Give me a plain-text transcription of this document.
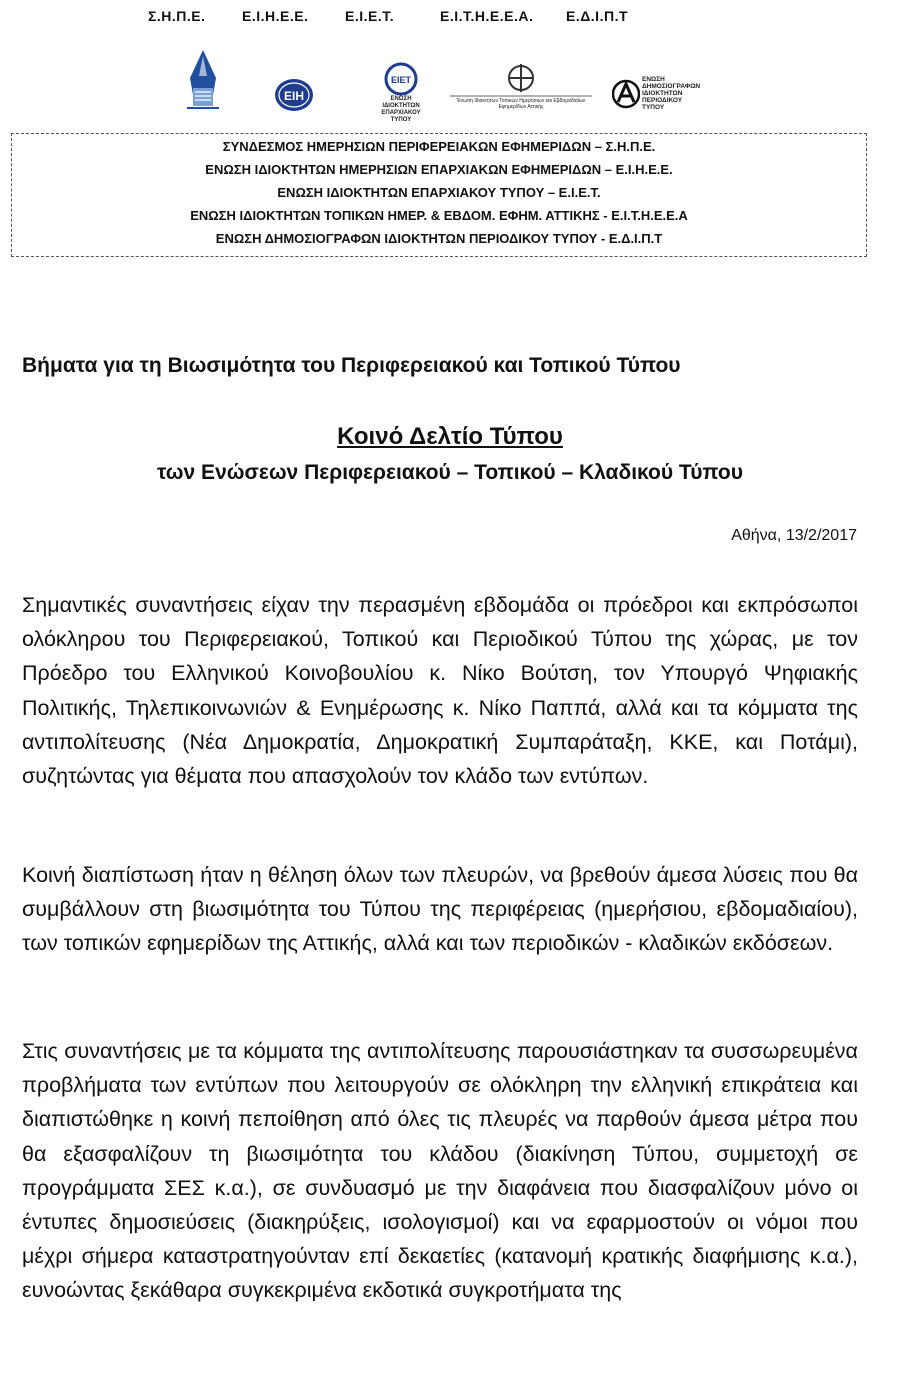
Σ.Η.Π.Ε.	Ε.Ι.Η.Ε.Ε.	Ε.Ι.Ε.Τ.	Ε.Ι.Τ.Η.Ε.Ε.Α. Ε.Δ.Ι.Π.Τ
ΕΙΗ
ΕΙΕΤ
ΕΝΩΣΗ ΙΔΙΟΚΤΗΤΩΝ ΕΠΑΡΧΙΑΚΟΥ ΤΥΠΟΥ
Ένωση Ιδιοκτητών Τοπικών Ημερήσιων και Εβδομαδιαίων Εφημερίδων Αττικής
ΕΝΩΣΗ ΔΗΜΟΣΙΟΓΡΑΦΩΝ ΙΔΙΟΚΤΗΤΩΝ ΠΕΡΙΟΔΙΚΟΥ ΤΥΠΟΥ
ΣΥΝΔΕΣΜΟΣ ΗΜΕΡΗΣΙΩΝ ΠΕΡΙΦΕΡΕΙΑΚΩΝ ΕΦΗΜΕΡΙΔΩΝ – Σ.Η.Π.Ε.
ΕΝΩΣΗ ΙΔΙΟΚΤΗΤΩΝ ΗΜΕΡΗΣΙΩΝ ΕΠΑΡΧΙΑΚΩΝ ΕΦΗΜΕΡΙΔΩΝ – Ε.Ι.Η.Ε.Ε.
ΕΝΩΣΗ ΙΔΙΟΚΤΗΤΩΝ ΕΠΑΡΧΙΑΚΟΥ ΤΥΠΟΥ – Ε.Ι.Ε.Τ.
ΕΝΩΣΗ ΙΔΙΟΚΤΗΤΩΝ ΤΟΠΙΚΩΝ ΗΜΕΡ. & ΕΒΔΟΜ. ΕΦΗΜ. ΑΤΤΙΚΗΣ - Ε.Ι.Τ.Η.Ε.Ε.Α
ΕΝΩΣΗ ΔΗΜΟΣΙΟΓΡΑΦΩΝ ΙΔΙΟΚΤΗΤΩΝ ΠΕΡΙΟΔΙΚΟΥ ΤΥΠΟΥ - Ε.Δ.Ι.Π.Τ
Βήματα για τη Βιωσιμότητα του Περιφερειακού και Τοπικού Τύπου
Κοινό Δελτίο Τύπου
των Ενώσεων Περιφερειακού – Τοπικού – Κλαδικού Τύπου
Αθήνα, 13/2/2017

Σημαντικές συναντήσεις είχαν την περασμένη εβδομάδα οι πρόεδροι και εκπρόσωποι ολόκληρου του Περιφερειακού, Τοπικού και Περιοδικού Τύπου της χώρας, με τον Πρόεδρο του Ελληνικού Κοινοβουλίου κ. Νίκο Βούτση, τον Υπουργό Ψηφιακής Πολιτικής, Τηλεπικοινωνιών & Ενημέρωσης κ. Νίκο Παππά, αλλά και τα κόμματα της αντιπολίτευσης (Νέα Δημοκρατία, Δημοκρατική Συμπαράταξη, ΚΚΕ, και Ποτάμι), συζητώντας για θέματα που απασχολούν τον κλάδο των εντύπων.

Κοινή διαπίστωση ήταν η θέληση όλων των πλευρών, να βρεθούν άμεσα λύσεις που θα συμβάλλουν στη βιωσιμότητα του Τύπου της περιφέρειας (ημερήσιου, εβδομαδιαίου), των τοπικών εφημερίδων της Αττικής, αλλά και των περιοδικών - κλαδικών εκδόσεων.

Στις συναντήσεις με τα κόμματα της αντιπολίτευσης παρουσιάστηκαν τα συσσωρευμένα προβλήματα των εντύπων που λειτουργούν σε ολόκληρη την ελληνική επικράτεια και διαπιστώθηκε η κοινή πεποίθηση από όλες τις πλευρές να παρθούν άμεσα μέτρα που θα εξασφαλίζουν τη βιωσιμότητα του κλάδου (διακίνηση Τύπου, συμμετοχή σε προγράμματα ΣΕΣ κ.α.), σε συνδυασμό με την διαφάνεια που διασφαλίζουν μόνο οι έντυπες δημοσιεύσεις (διακηρύξεις, ισολογισμοί) και να εφαρμοστούν οι νόμοι που μέχρι σήμερα καταστρατηγούνταν επί δεκαετίες (κατανομή κρατικής διαφήμισης κ.α.), ευνοώντας ξεκάθαρα συγκεκριμένα εκδοτικά συγκροτήματα της
